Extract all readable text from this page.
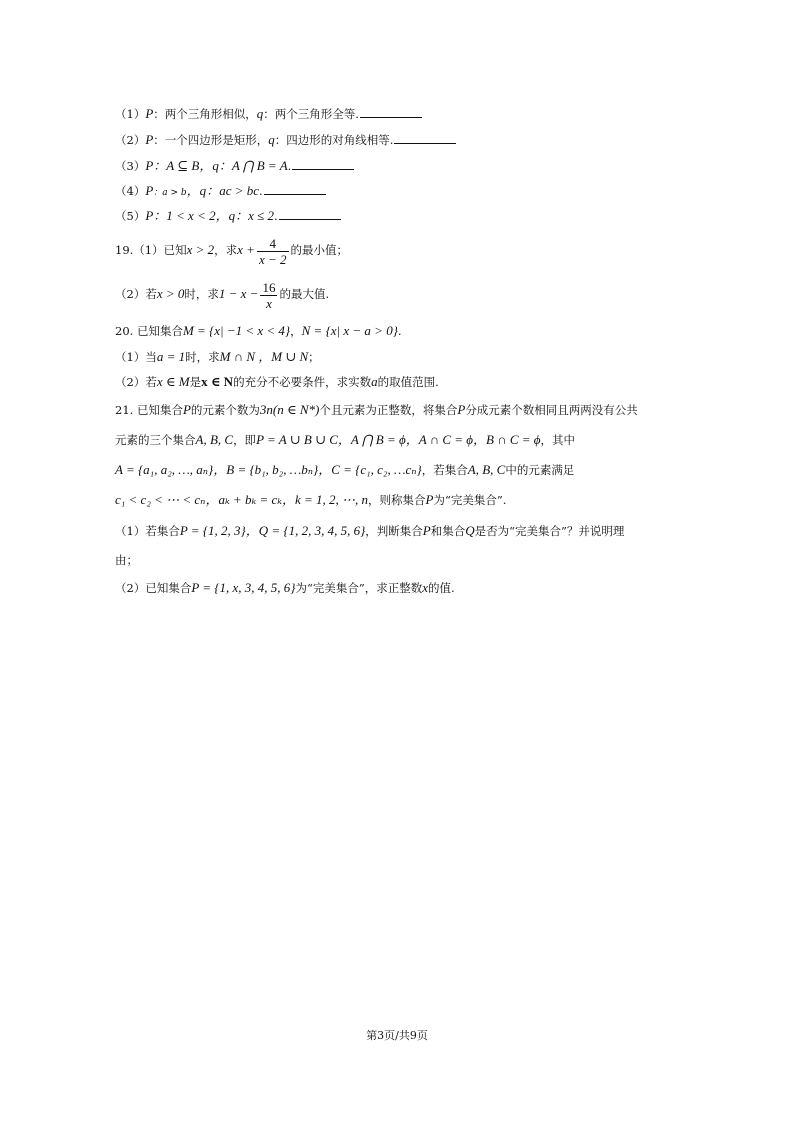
（1）P：两个三角形相似，q：两个三角形全等.
（2）P：一个四边形是矩形，q：四边形的对角线相等.
（3）P：A ⊆ B，q：A ⋂ B = A.
（4）P：a > b，q：ac > bc.
（5）P：1 < x < 2，q：x ≤ 2.
19.（1）已知x > 2，求$x + \frac{4}{x - 2}$ 的最小值；
（2）若x > 0时，求$1 - x - \frac{16}{x}$ 的最大值.
20. 已知集合M = {x| −1 < x < 4}，N = {x| x − a > 0}.
（1）当a = 1时，求M ∩ N ，M ∪ N；
（2）若x ∈ M是x ∈ N的充分不必要条件，求实数a的取值范围.
21. 已知集合P的元素个数为3n(n ∈ N*)个且元素为正整数，将集合P分成元素个数相同且两两没有公共
元素的三个集合A, B, C，即P = A ∪ B ∪ C，A ⋂ B = ϕ，A ∩ C = ϕ，B ∩ C = ϕ，其中
A = {a₁, a₂, …, aₙ}，B = {b₁, b₂, …bₙ}，C = {c₁, c₂, …cₙ}，若集合A, B, C中的元素满足
c₁ < c₂ < ⋯ < cₙ，aₖ + bₖ = cₖ，k = 1, 2, ⋯, n，则称集合P为“完美集合”.
（1）若集合P = {1, 2, 3}，Q = {1, 2, 3, 4, 5, 6}，判断集合P和集合Q是否为“完美集合”？并说明理
由；
（2）已知集合P = {1, x, 3, 4, 5, 6}为“完美集合”，求正整数x的值.
第3页/共9页
